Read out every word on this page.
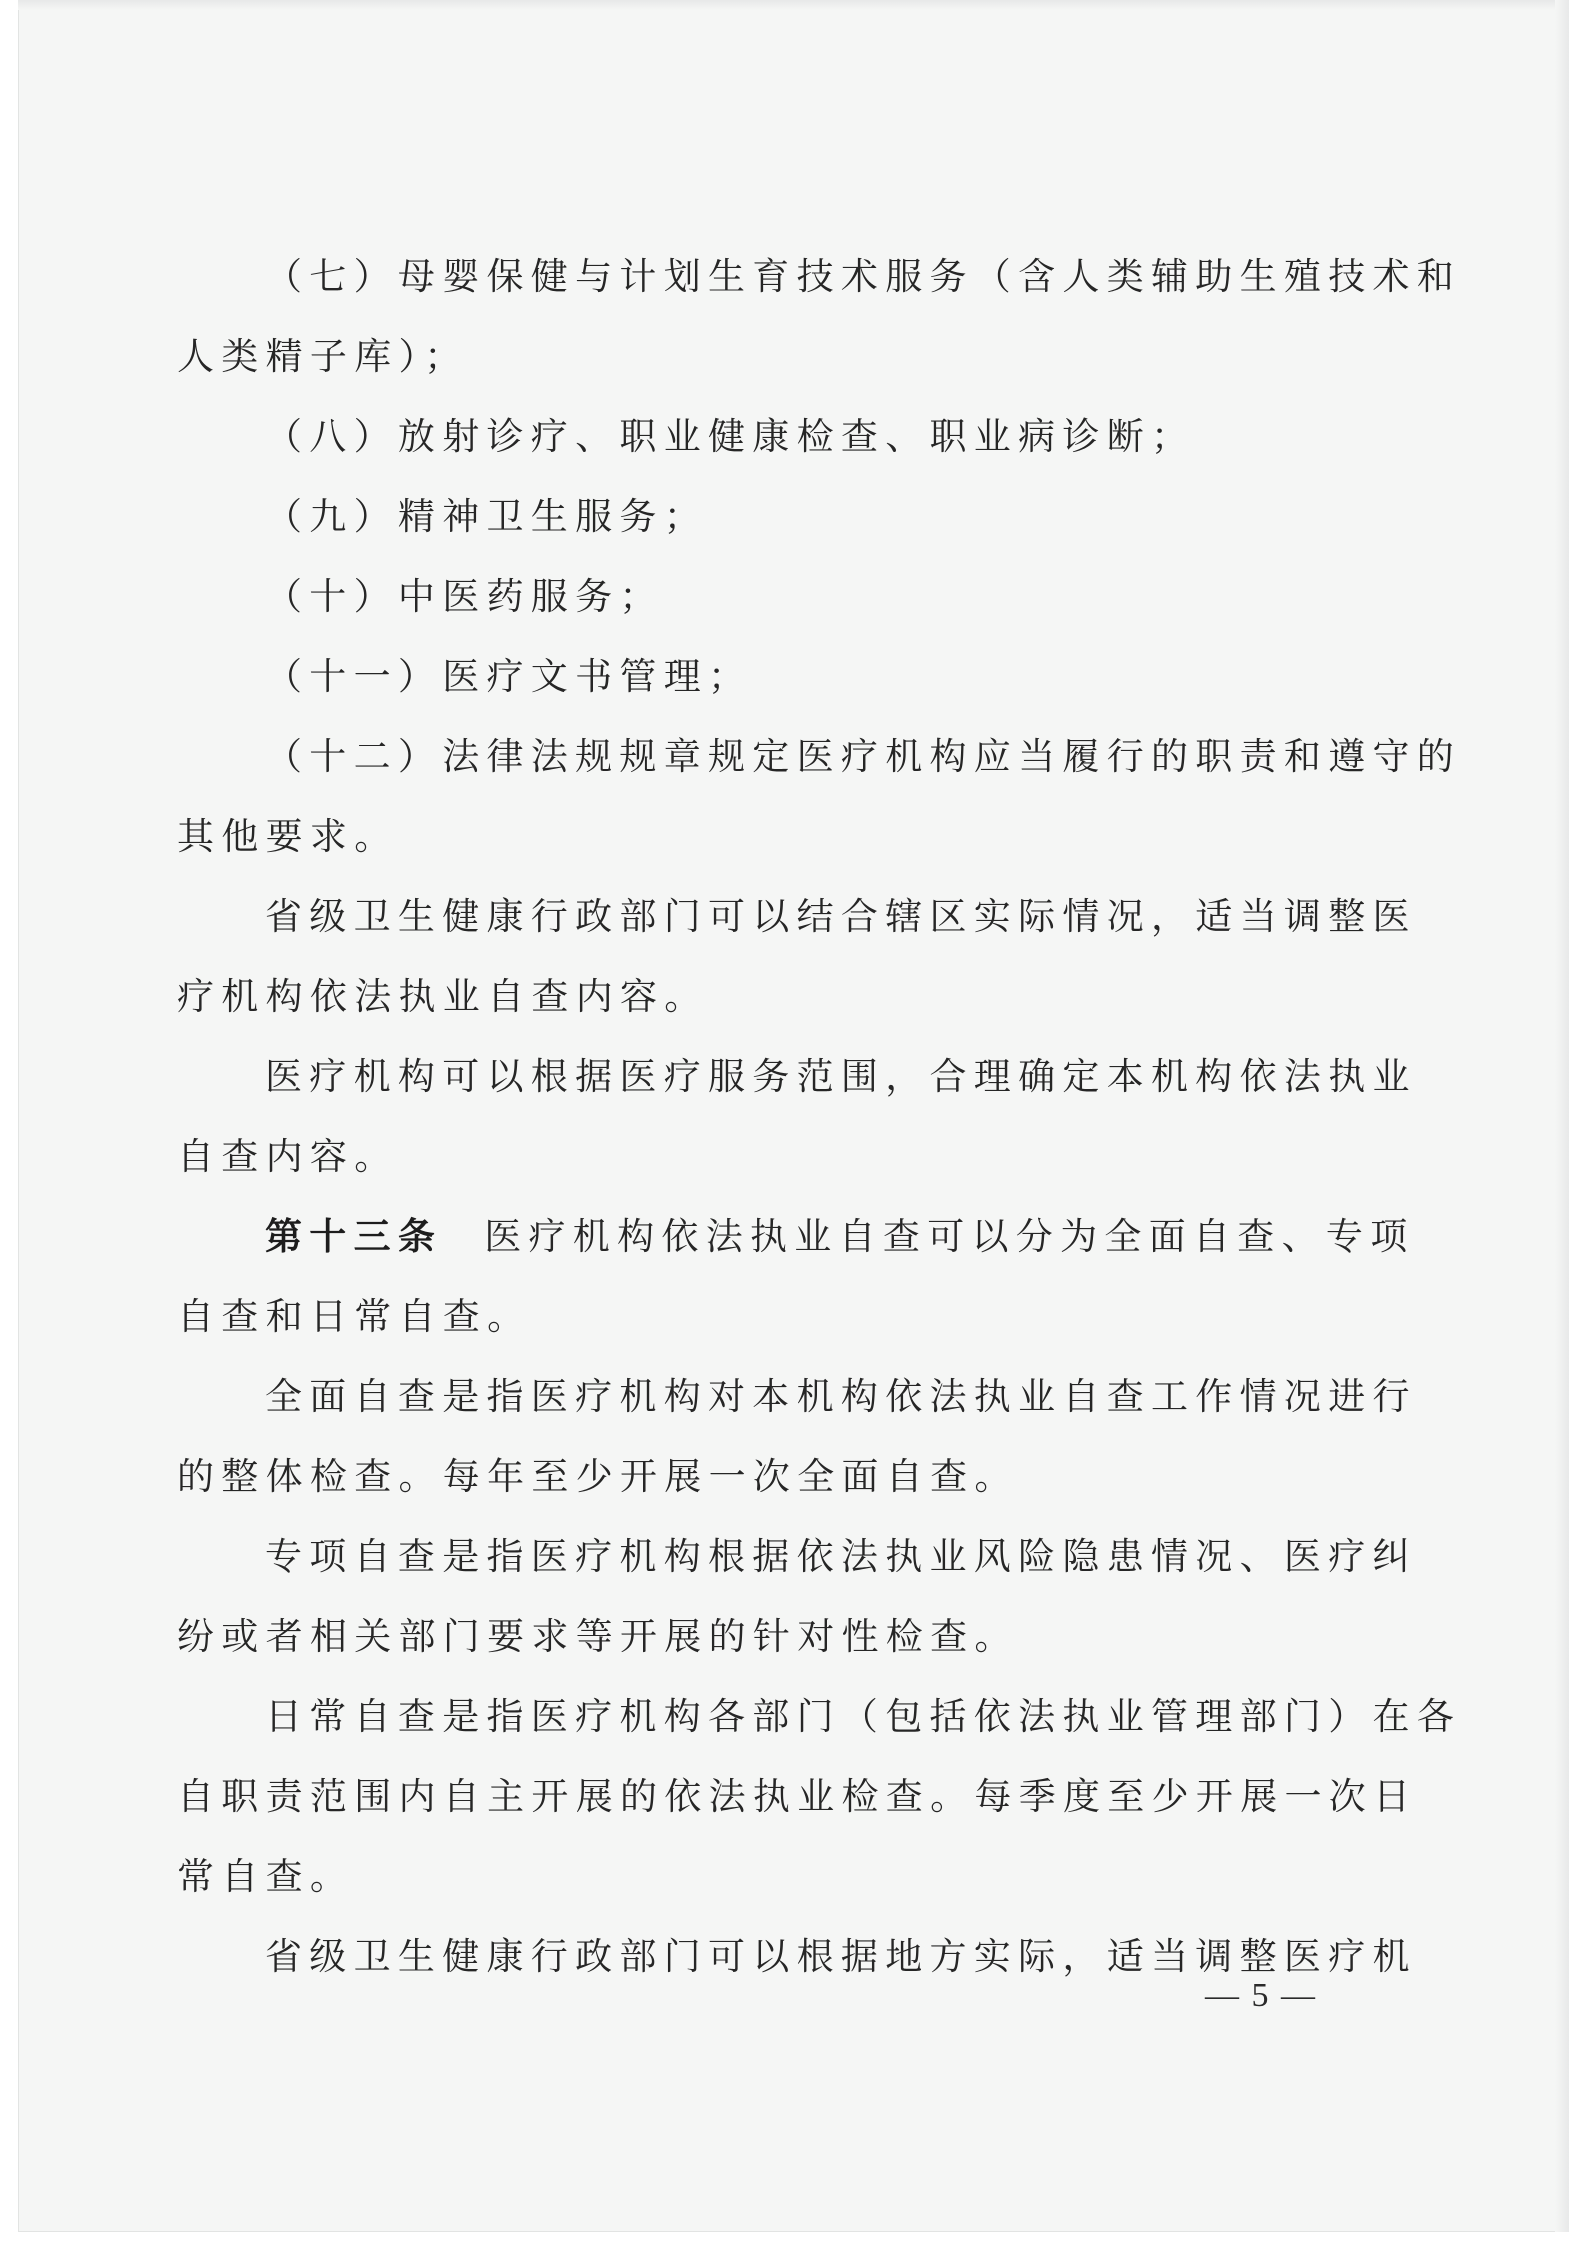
（七）母婴保健与计划生育技术服务（含人类辅助生殖技术和
人类精子库）；
（八）放射诊疗、职业健康检查、职业病诊断；
（九）精神卫生服务；
（十）中医药服务；
（十一）医疗文书管理；
（十二）法律法规规章规定医疗机构应当履行的职责和遵守的
其他要求。
省级卫生健康行政部门可以结合辖区实际情况，适当调整医
疗机构依法执业自查内容。
医疗机构可以根据医疗服务范围，合理确定本机构依法执业
自查内容。
第十三条 医疗机构依法执业自查可以分为全面自查、专项
自查和日常自查。
全面自查是指医疗机构对本机构依法执业自查工作情况进行
的整体检查。每年至少开展一次全面自查。
专项自查是指医疗机构根据依法执业风险隐患情况、医疗纠
纷或者相关部门要求等开展的针对性检查。
日常自查是指医疗机构各部门（包括依法执业管理部门）在各
自职责范围内自主开展的依法执业检查。每季度至少开展一次日
常自查。
省级卫生健康行政部门可以根据地方实际，适当调整医疗机
— 5 —
